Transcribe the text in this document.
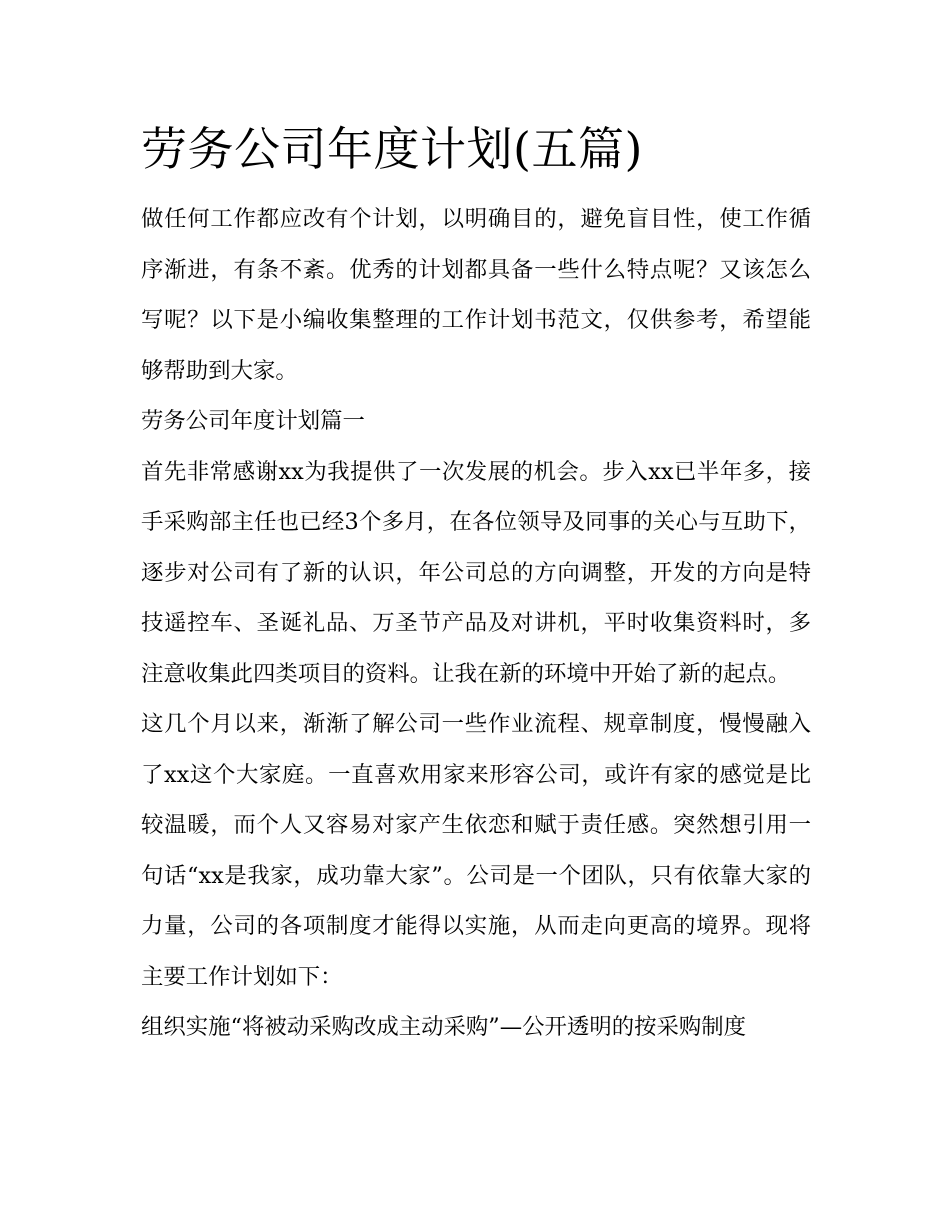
劳务公司年度计划(五篇)

做任何工作都应改有个计划，以明确目的，避免盲目性，使工作循序渐进，有条不紊。优秀的计划都具备一些什么特点呢？又该怎么写呢？以下是小编收集整理的工作计划书范文，仅供参考，希望能够帮助到大家。

劳务公司年度计划篇一

首先非常感谢xx为我提供了一次发展的机会。步入xx已半年多，接手采购部主任也已经3个多月，在各位领导及同事的关心与互助下，逐步对公司有了新的认识，年公司总的方向调整，开发的方向是特技遥控车、圣诞礼品、万圣节产品及对讲机，平时收集资料时，多注意收集此四类项目的资料。让我在新的环境中开始了新的起点。

这几个月以来，渐渐了解公司一些作业流程、规章制度，慢慢融入了xx这个大家庭。一直喜欢用家来形容公司，或许有家的感觉是比较温暖，而个人又容易对家产生依恋和赋于责任感。突然想引用一句话“xx是我家，成功靠大家”。公司是一个团队，只有依靠大家的力量，公司的各项制度才能得以实施，从而走向更高的境界。现将主要工作计划如下：

组织实施“将被动采购改成主动采购”—公开透明的按采购制度
